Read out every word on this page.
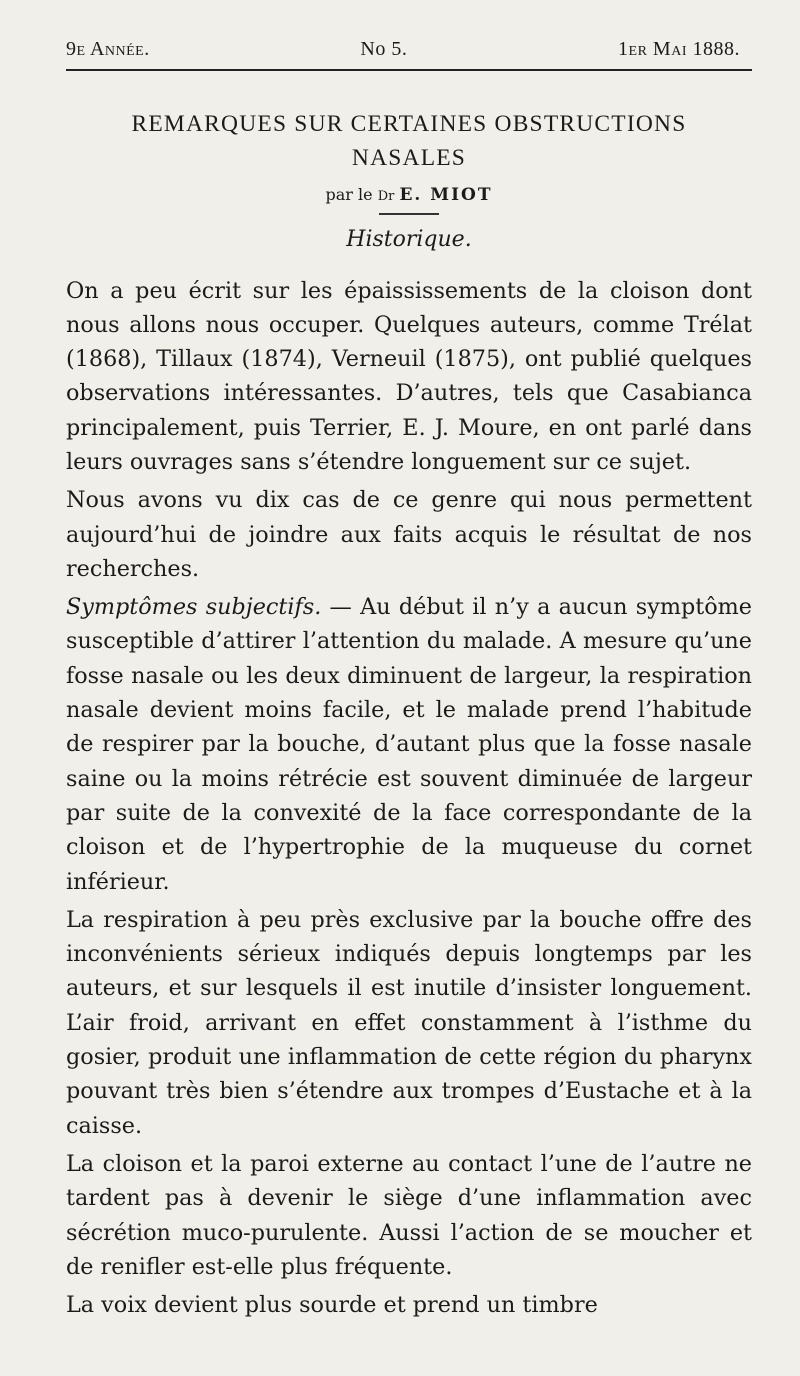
9e Année.	No 5.	1er Mai 1888.
REMARQUES SUR CERTAINES OBSTRUCTIONS
NASALES
par le Dr E. MIOT
Historique.

On a peu écrit sur les épaississements de la cloison dont nous allons nous occuper. Quelques auteurs, comme Trélat (1868), Tillaux (1874), Verneuil (1875), ont publié quelques observations intéressantes. D’autres, tels que Casabianca principalement, puis Terrier, E. J. Moure, en ont parlé dans leurs ouvrages sans s’étendre longuement sur ce sujet.

Nous avons vu dix cas de ce genre qui nous permettent aujourd’hui de joindre aux faits acquis le résultat de nos recherches.

Symptômes subjectifs. — Au début il n’y a aucun symptôme susceptible d’attirer l’attention du malade. A mesure qu’une fosse nasale ou les deux diminuent de largeur, la respiration nasale devient moins facile, et le malade prend l’habitude de respirer par la bouche, d’autant plus que la fosse nasale saine ou la moins rétrécie est souvent diminuée de largeur par suite de la convexité de la face correspondante de la cloison et de l’hypertrophie de la muqueuse du cornet inférieur.

La respiration à peu près exclusive par la bouche offre des inconvénients sérieux indiqués depuis longtemps par les auteurs, et sur lesquels il est inutile d’insister longuement. L’air froid, arrivant en effet constamment à l’isthme du gosier, produit une inflammation de cette région du pharynx pouvant très bien s’étendre aux trompes d’Eustache et à la caisse.

La cloison et la paroi externe au contact l’une de l’autre ne tardent pas à devenir le siège d’une inflammation avec sécrétion muco-purulente. Aussi l’action de se moucher et de renifler est-elle plus fréquente.

La voix devient plus sourde et prend un timbre
